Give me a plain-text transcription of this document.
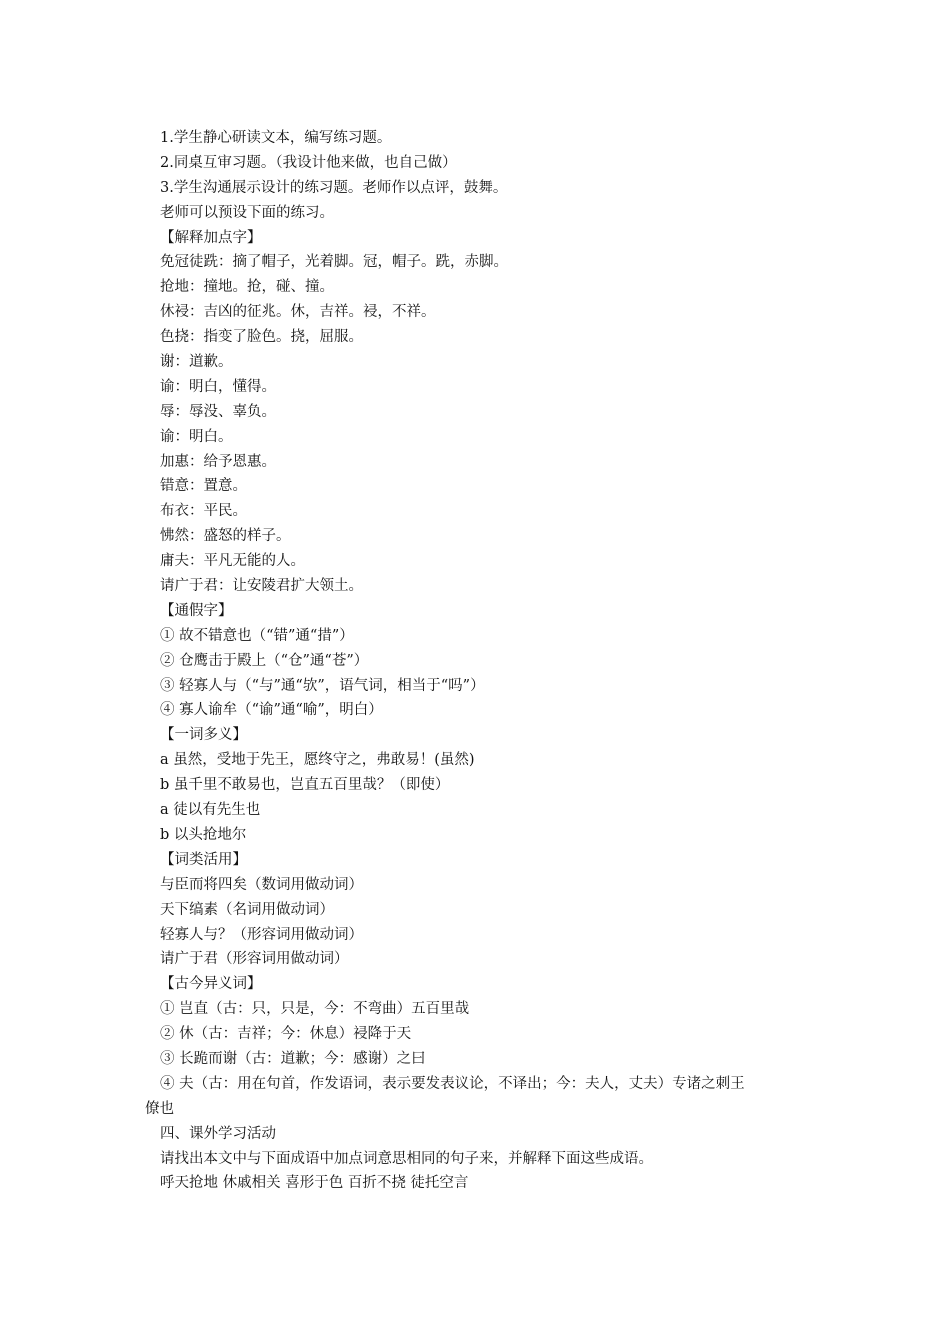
1.学生静心研读文本，编写练习题。
2.同桌互审习题。（我设计他来做，也自己做）
3.学生沟通展示设计的练习题。老师作以点评，鼓舞。
老师可以预设下面的练习。
【解释加点字】
免冠徒跣：摘了帽子，光着脚。冠，帽子。跣，赤脚。
抢地：撞地。抢，碰、撞。
休祲：吉凶的征兆。休，吉祥。祲，不祥。
色挠：指变了脸色。挠，屈服。
谢：道歉。
谕：明白，懂得。
辱：辱没、辜负。
谕：明白。
加惠：给予恩惠。
错意：置意。
布衣：平民。
怫然：盛怒的样子。
庸夫：平凡无能的人。
请广于君：让安陵君扩大领土。
【通假字】
① 故不错意也（“错”通“措”）
② 仓鹰击于殿上（“仓”通“苍”）
③ 轻寡人与（“与”通“欤”，语气词，相当于“吗”）
④ 寡人谕牟（“谕”通“喻”，明白）
【一词多义】
a 虽然，受地于先王，愿终守之，弗敢易！(虽然)
b 虽千里不敢易也，岂直五百里哉？（即使）
a 徒以有先生也
b 以头抢地尔
【词类活用】
与臣而将四矣（数词用做动词）
天下缟素（名词用做动词）
轻寡人与？（形容词用做动词）
请广于君（形容词用做动词）
【古今异义词】
① 岂直（古：只，只是，今：不弯曲）五百里哉
② 休（古：吉祥；今：休息）祲降于天
③ 长跪而谢（古：道歉；今：感谢）之曰
④ 夫（古：用在句首，作发语词，表示要发表议论，不译出；今：夫人，丈夫）专诸之刺王
僚也
四、课外学习活动
请找出本文中与下面成语中加点词意思相同的句子来，并解释下面这些成语。
呼天抢地 休戚相关 喜形于色 百折不挠 徒托空言
